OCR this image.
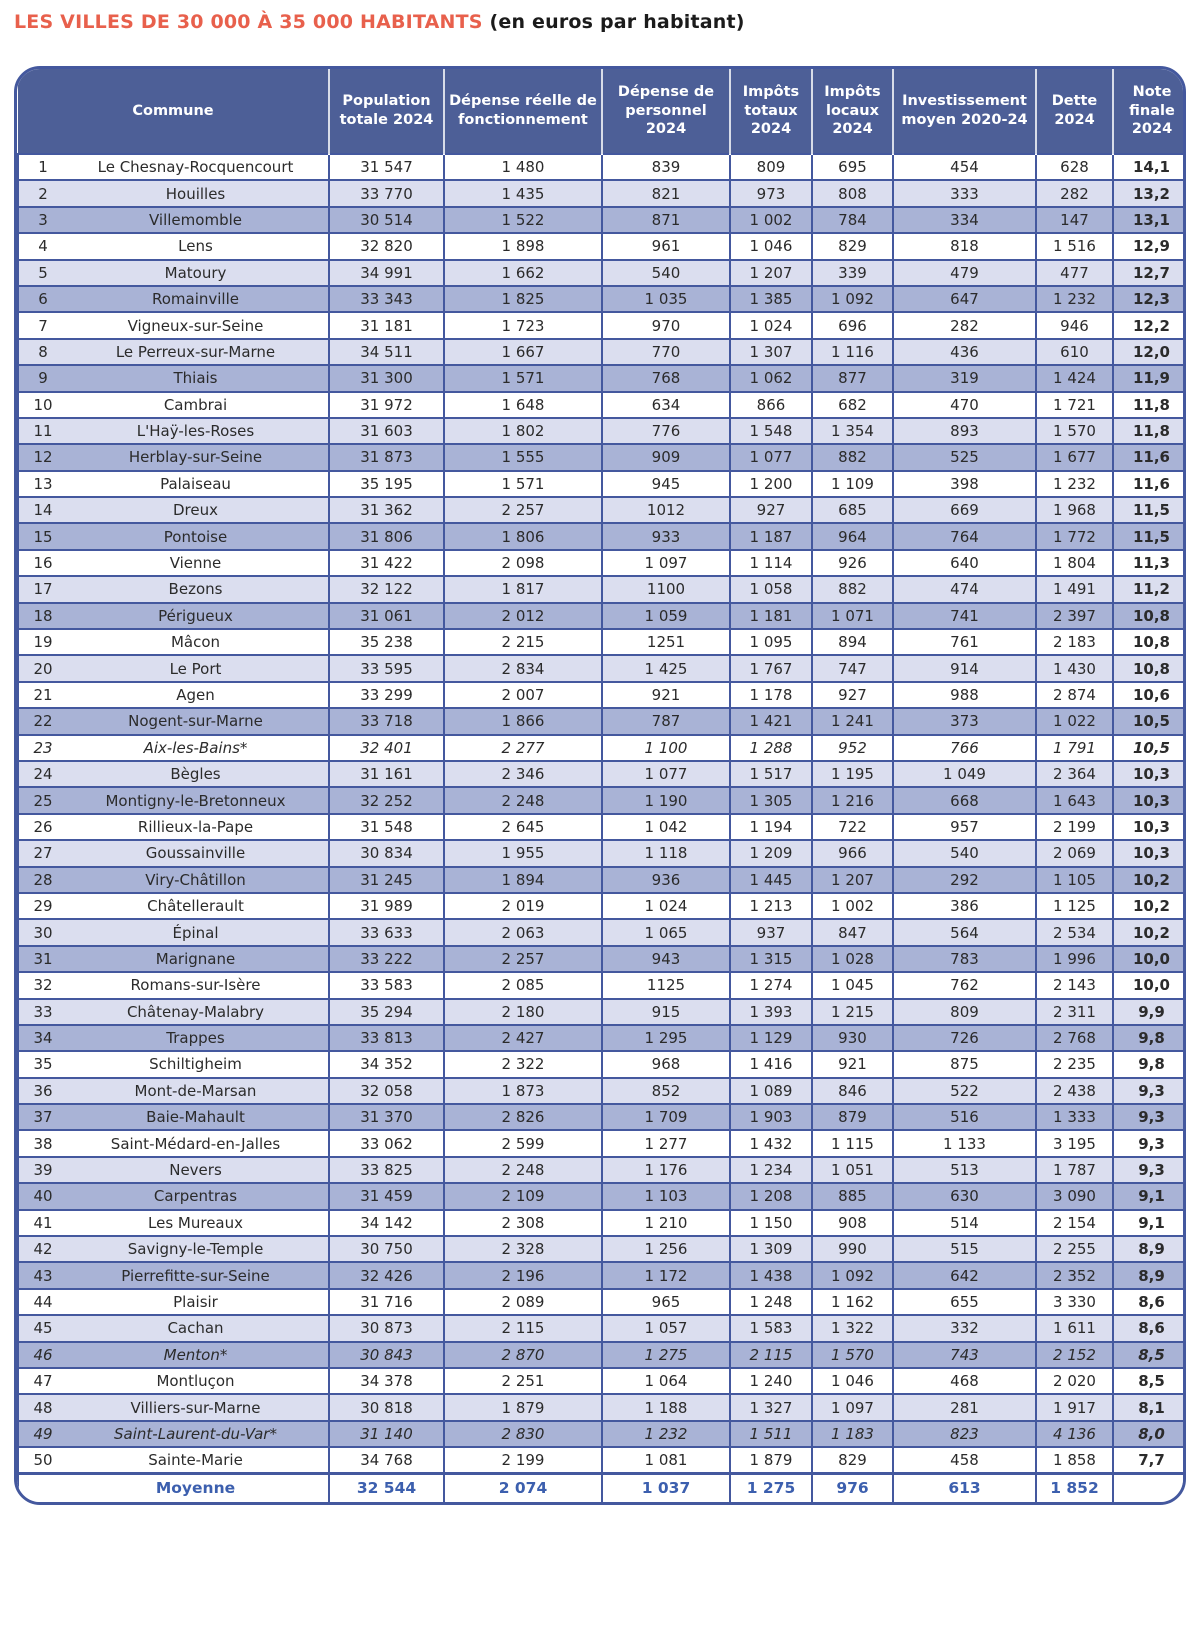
LES VILLES DE 30 000 À 35 000 HABITANTS (en euros par habitant)
Commune	Population totale 2024	Dépense réelle de fonctionnement	Dépense de personnel 2024	Impôts totaux 2024	Impôts locaux 2024	Investissement moyen 2020-24	Dette 2024	Note finale 2024

1 Le Chesnay-Rocquencourt	31 547	1 480	839	809	695	454	628	14,1

2 Houilles	33 770	1 435	821	973	808	333	282	13,2

3 Villemomble	30 514	1 522	871	1 002	784	334	147	13,1

4 Lens	32 820	1 898	961	1 046	829	818	1 516	12,9

5 Matoury	34 991	1 662	540	1 207	339	479	477	12,7

6 Romainville	33 343	1 825	1 035	1 385	1 092	647	1 232	12,3

7 Vigneux-sur-Seine	31 181	1 723	970	1 024	696	282	946	12,2

8 Le Perreux-sur-Marne	34 511	1 667	770	1 307	1 116	436	610	12,0

9 Thiais	31 300	1 571	768	1 062	877	319	1 424	11,9

10 Cambrai	31 972	1 648	634	866	682	470	1 721	11,8

11 L'Haÿ-les-Roses	31 603	1 802	776	1 548	1 354	893	1 570	11,8

12 Herblay-sur-Seine	31 873	1 555	909	1 077	882	525	1 677	11,6

13 Palaiseau	35 195	1 571	945	1 200	1 109	398	1 232	11,6

14 Dreux	31 362	2 257	1012	927	685	669	1 968	11,5

15 Pontoise	31 806	1 806	933	1 187	964	764	1 772	11,5

16 Vienne	31 422	2 098	1 097	1 114	926	640	1 804	11,3

17 Bezons	32 122	1 817	1100	1 058	882	474	1 491	11,2

18 Périgueux	31 061	2 012	1 059	1 181	1 071	741	2 397	10,8

19 Mâcon	35 238	2 215	1251	1 095	894	761	2 183	10,8

20 Le Port	33 595	2 834	1 425	1 767	747	914	1 430	10,8

21 Agen	33 299	2 007	921	1 178	927	988	2 874	10,6

22 Nogent-sur-Marne	33 718	1 866	787	1 421	1 241	373	1 022	10,5

23 Aix-les-Bains*	32 401	2 277	1 100	1 288	952	766	1 791	10,5

24 Bègles	31 161	2 346	1 077	1 517	1 195	1 049	2 364	10,3

25 Montigny-le-Bretonneux	32 252	2 248	1 190	1 305	1 216	668	1 643	10,3

26 Rillieux-la-Pape	31 548	2 645	1 042	1 194	722	957	2 199	10,3

27 Goussainville	30 834	1 955	1 118	1 209	966	540	2 069	10,3

28 Viry-Châtillon	31 245	1 894	936	1 445	1 207	292	1 105	10,2

29 Châtellerault	31 989	2 019	1 024	1 213	1 002	386	1 125	10,2

30 Épinal	33 633	2 063	1 065	937	847	564	2 534	10,2

31 Marignane	33 222	2 257	943	1 315	1 028	783	1 996	10,0

32 Romans-sur-Isère	33 583	2 085	1125	1 274	1 045	762	2 143	10,0

33 Châtenay-Malabry	35 294	2 180	915	1 393	1 215	809	2 311	9,9

34 Trappes	33 813	2 427	1 295	1 129	930	726	2 768	9,8

35 Schiltigheim	34 352	2 322	968	1 416	921	875	2 235	9,8

36 Mont-de-Marsan	32 058	1 873	852	1 089	846	522	2 438	9,3

37 Baie-Mahault	31 370	2 826	1 709	1 903	879	516	1 333	9,3

38 Saint-Médard-en-Jalles	33 062	2 599	1 277	1 432	1 115	1 133	3 195	9,3

39 Nevers	33 825	2 248	1 176	1 234	1 051	513	1 787	9,3

40 Carpentras	31 459	2 109	1 103	1 208	885	630	3 090	9,1

41 Les Mureaux	34 142	2 308	1 210	1 150	908	514	2 154	9,1

42 Savigny-le-Temple	30 750	2 328	1 256	1 309	990	515	2 255	8,9

43 Pierrefitte-sur-Seine	32 426	2 196	1 172	1 438	1 092	642	2 352	8,9

44 Plaisir	31 716	2 089	965	1 248	1 162	655	3 330	8,6

45 Cachan	30 873	2 115	1 057	1 583	1 322	332	1 611	8,6

46 Menton*	30 843	2 870	1 275	2 115	1 570	743	2 152	8,5

47 Montluçon	34 378	2 251	1 064	1 240	1 046	468	2 020	8,5

48 Villiers-sur-Marne	30 818	1 879	1 188	1 327	1 097	281	1 917	8,1

49 Saint-Laurent-du-Var*	31 140	2 830	1 232	1 511	1 183	823	4 136	8,0

50 Sainte-Marie	34 768	2 199	1 081	1 879	829	458	1 858	7,7

Moyenne	32 544	2 074	1 037	1 275	976	613	1 852	
